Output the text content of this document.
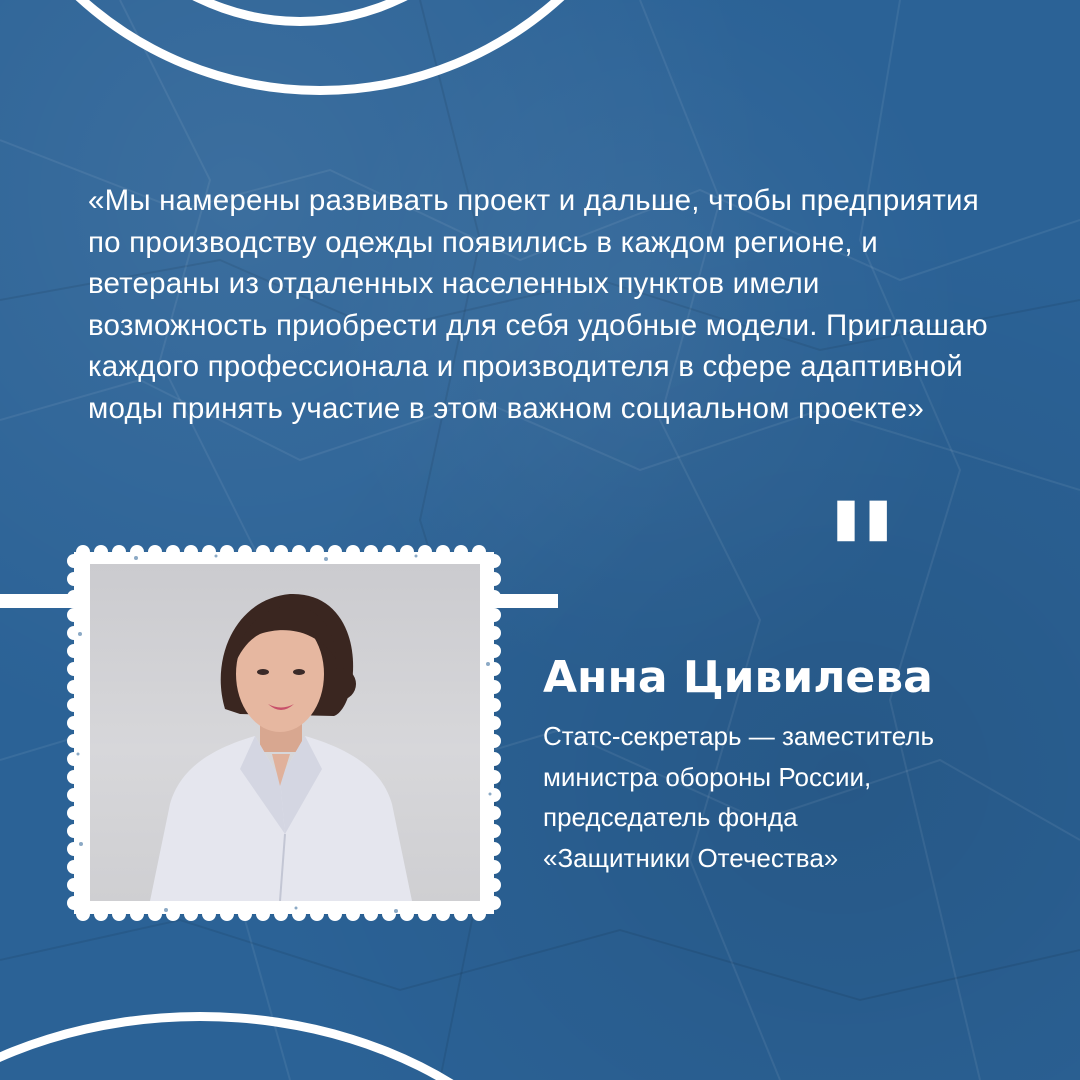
«Мы намерены развивать проект и дальше, чтобы предприятия по производству одежды появились в каждом регионе, и ветераны из отдаленных населенных пунктов имели возможность приобрести для себя удобные модели. Приглашаю каждого профессионала и производителя в сфере адаптивной моды принять участие в этом важном социальном проекте»

"
Анна Цивилева

Статс-секретарь — заместитель
министра обороны России,
председатель фонда
«Защитники Отечества»
